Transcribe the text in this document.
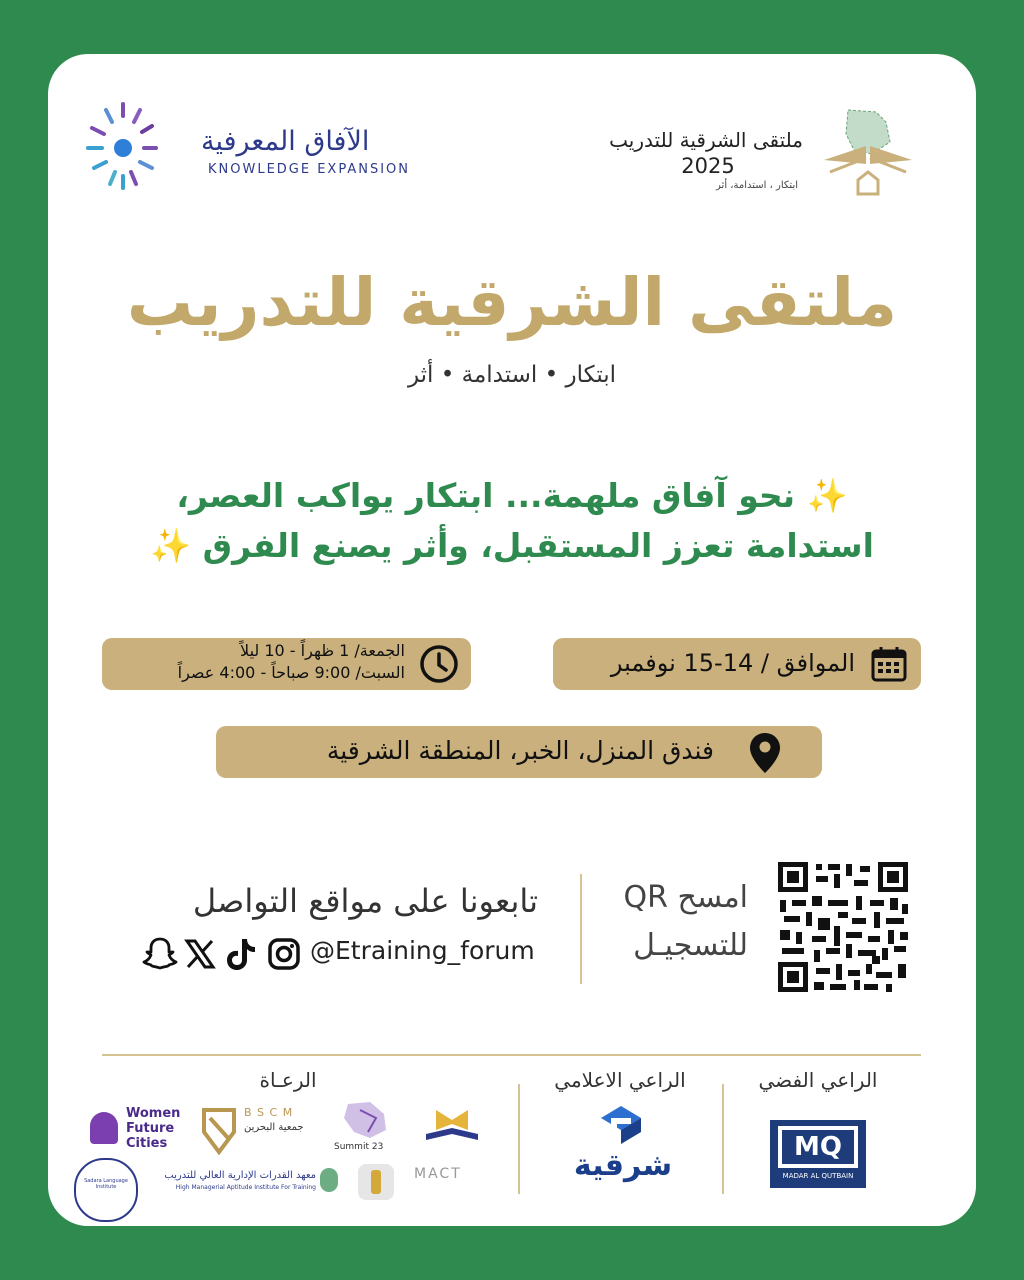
الآفاق المعرفية
KNOWLEDGE EXPANSION
ملتقى الشرقية للتدريب
2025
ابتكار ، استدامة، أثر
ملتقى الشرقية للتدريب
ابتكار • استدامة • أثر
✨ نحو آفاق ملهمة... ابتكار يواكب العصر،
استدامة تعزز المستقبل، وأثر يصنع الفرق ✨
الموافق / 14-15 نوفمبر
الجمعة/ 1 ظهراً - 10 ليلاً
السبت/ 9:00 صباحاً - 4:00 عصراً
فندق المنزل، الخبر، المنطقة الشرقية
امسح QR
للتسجيـل
تابعونا على مواقع التواصل
@Etraining_forum
الراعي الفضي
MQ
MADAR AL QUTBAIN
الراعي الاعلامي
شرقية
الرعـاة
Women
Future
Cities
B S C M
جمعية البحرين
Summit 23
معهد القدرات الإدارية العالي للتدريب
High Managerial Aptitude Institute For Training
MACT
Sadara Language Institute
